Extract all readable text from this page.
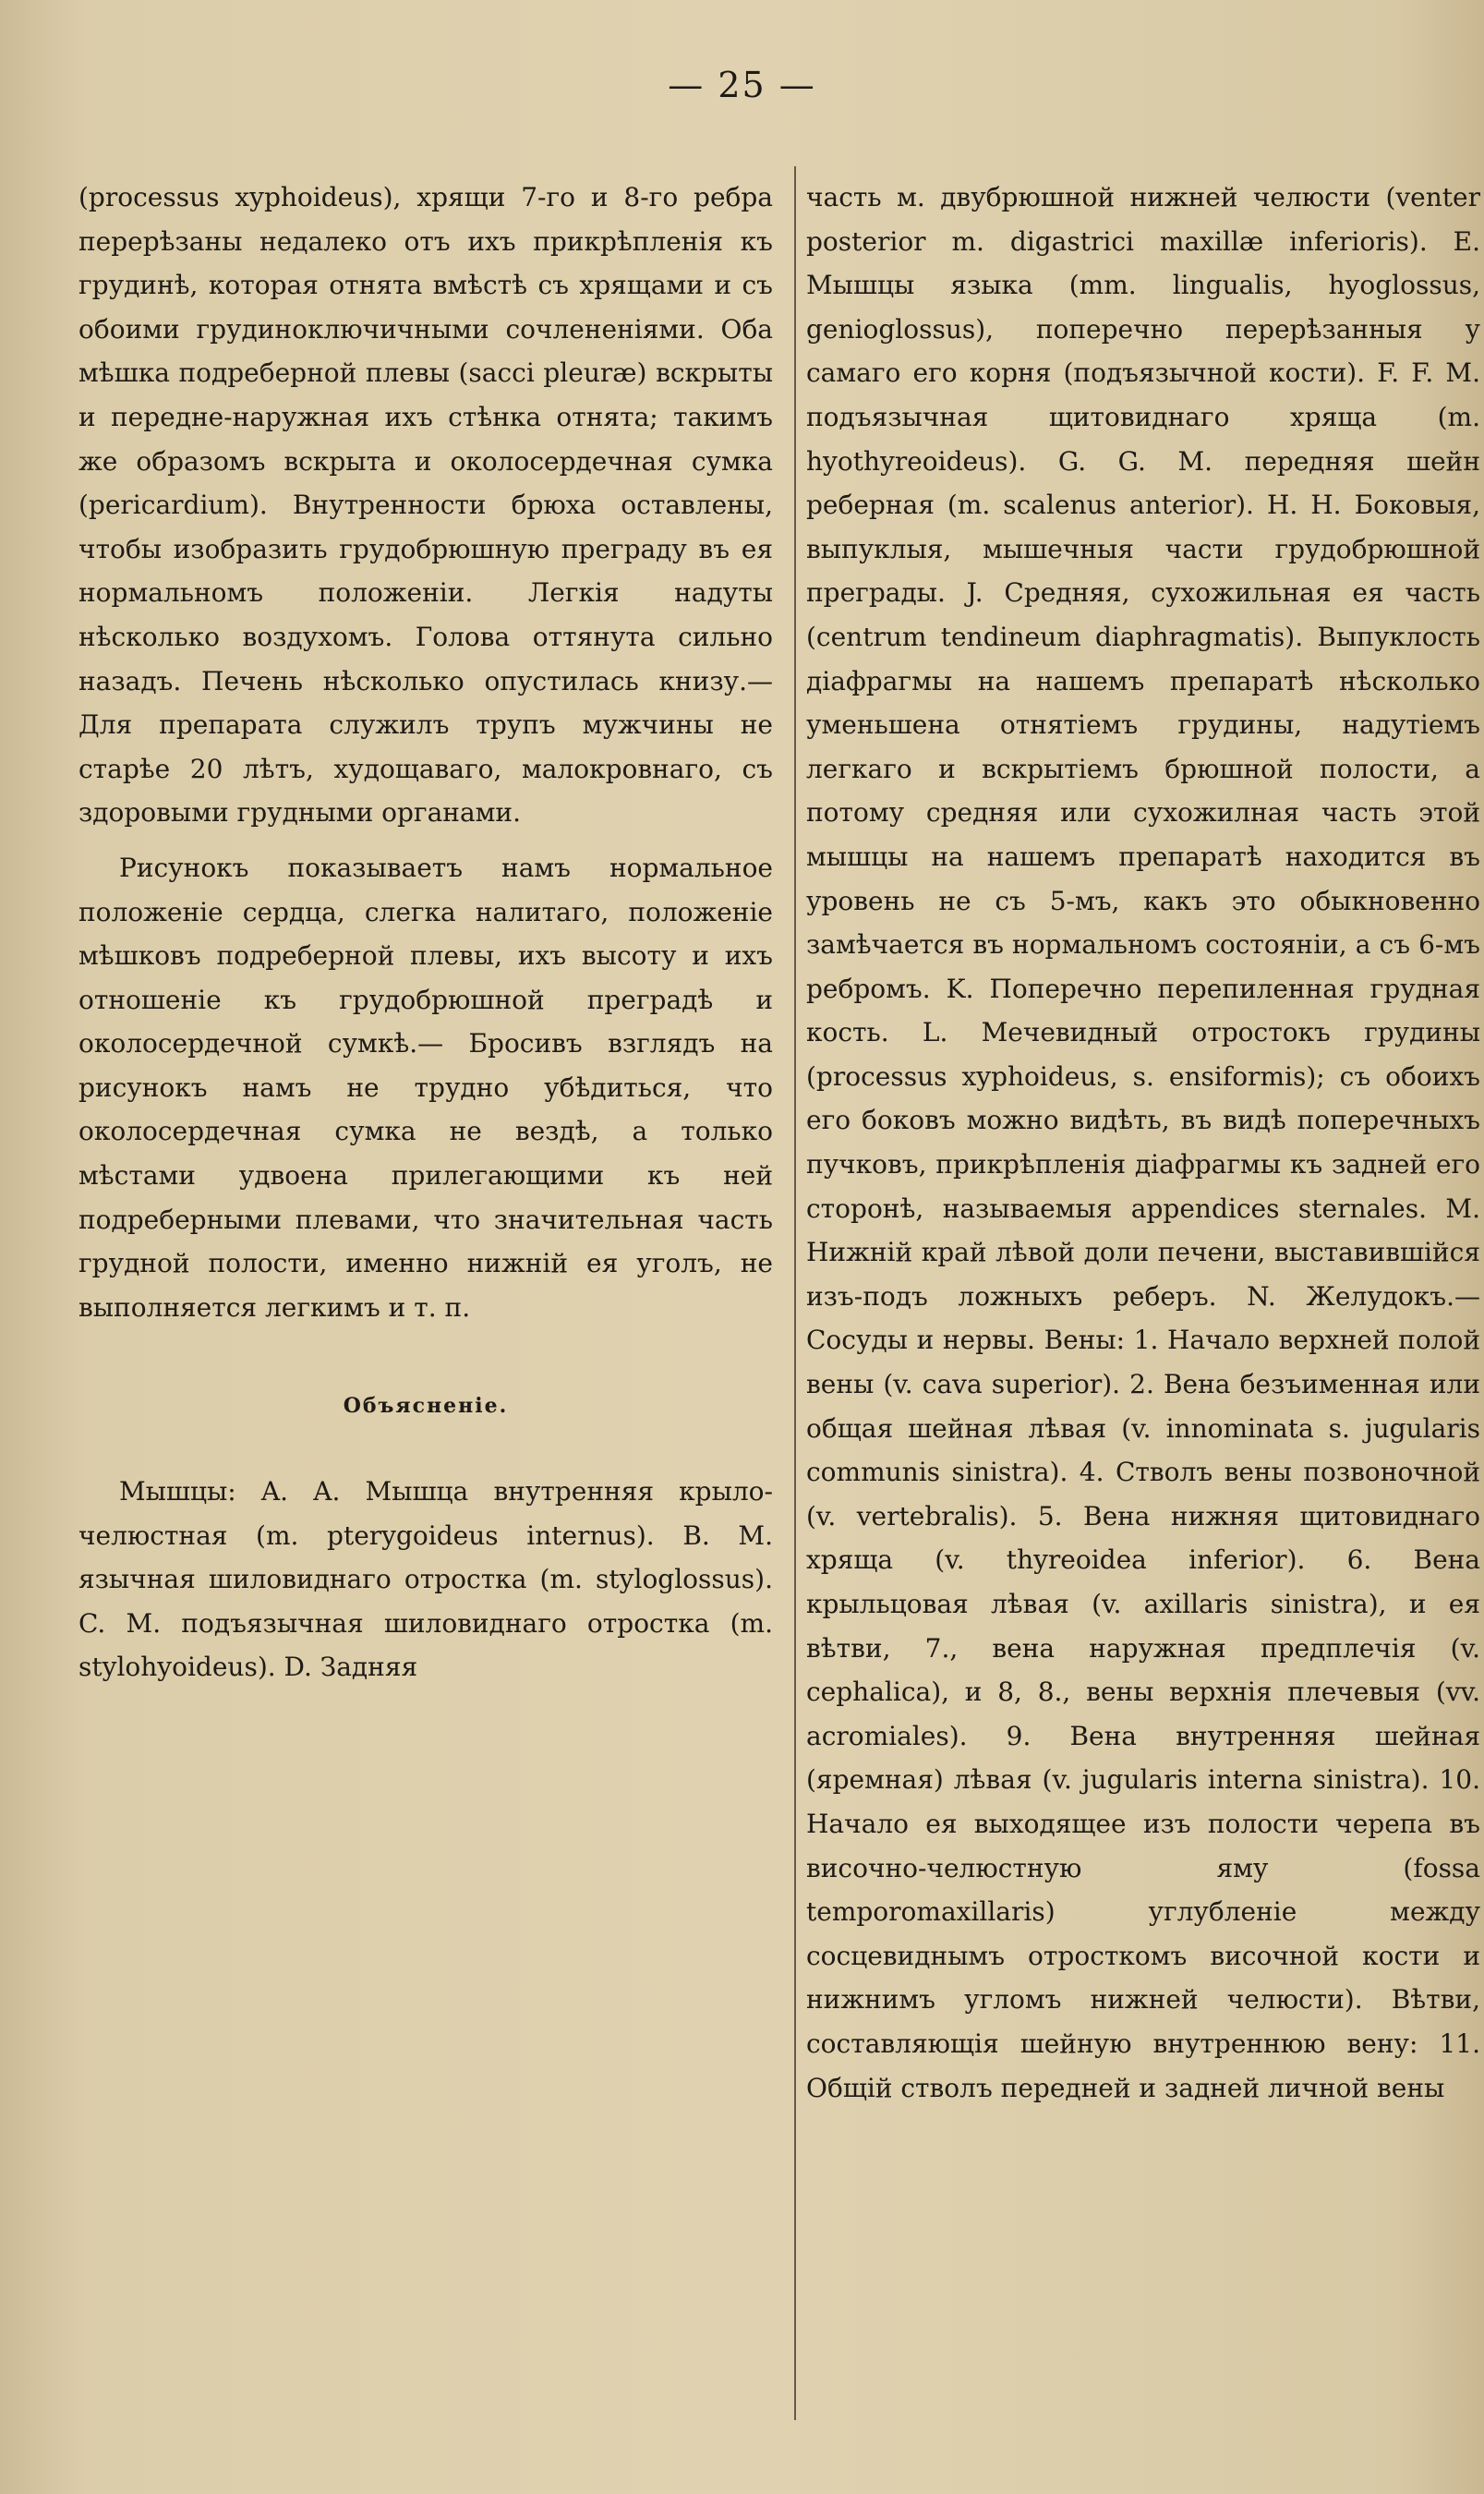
— 25 —

(processus xyphoideus), хрящи 7-го и 8-го ребра перерѣзаны недалеко отъ ихъ прикрѣпленія къ грудинѣ, которая отнята вмѣстѣ съ хрящами и съ обоими грудиноключичными сочлененіями. Оба мѣшка подреберной плевы (sacci pleuræ) вскрыты и передне-наружная ихъ стѣнка отнята; такимъ же образомъ вскрыта и околосердечная сумка (pericardium). Внутренности брюха оставлены, чтобы изобразить грудобрюшную преграду въ ея нормальномъ положеніи. Легкія надуты нѣсколько воздухомъ. Голова оттянута сильно назадъ. Печень нѣсколько опустилась книзу.— Для препарата служилъ трупъ мужчины не старѣе 20 лѣтъ, худощаваго, малокровнаго, съ здоровыми грудными органами.

Рисунокъ показываетъ намъ нормальное положеніе сердца, слегка налитаго, положеніе мѣшковъ подреберной плевы, ихъ высоту и ихъ отношеніе къ грудобрюшной преградѣ и околосердечной сумкѣ.— Бросивъ взглядъ на рисунокъ намъ не трудно убѣдиться, что околосердечная сумка не вездѣ, а только мѣстами удвоена прилегающими къ ней подреберными плевами, что значительная часть грудной полости, именно нижній ея уголъ, не выполняется легкимъ и т. п.

Объясненіе.

Мышцы: A. A. Мышца внутренняя крыло-челюстная (m. pterygoideus internus). B. M. язычная шиловиднаго отростка (m. styloglossus). C. M. подъязычная шиловиднаго отростка (m. stylohyoideus). D. Задняя

часть м. двубрюшной нижней челюсти (venter posterior m. digastrici maxillæ inferioris). E. Мышцы языка (mm. lingualis, hyoglossus, genioglossus), поперечно перерѣзанныя у самаго его корня (подъязычной кости). F. F. M. подъязычная щитовиднаго хряща (m. hyothyreoideus). G. G. M. передняя шейн реберная (m. scalenus anterior). H. H. Боковыя, выпуклыя, мышечныя части грудобрюшной преграды. J. Средняя, сухожильная ея часть (centrum tendineum diaphragmatis). Выпуклость діафрагмы на нашемъ препаратѣ нѣсколько уменьшена отнятіемъ грудины, надутіемъ легкаго и вскрытіемъ брюшной полости, а потому средняя или сухожилная часть этой мышцы на нашемъ препаратѣ находится въ уровень не съ 5-мъ, какъ это обыкновенно замѣчается въ нормальномъ состояніи, а съ 6-мъ ребромъ. K. Поперечно перепиленная грудная кость. L. Мечевидный отростокъ грудины (processus xyphoideus, s. ensiformis); съ обоихъ его боковъ можно видѣть, въ видѣ поперечныхъ пучковъ, прикрѣпленія діафрагмы къ задней его сторонѣ, называемыя appendices sternales. M. Нижній край лѣвой доли печени, выставившійся изъ-подъ ложныхъ реберъ. N. Желудокъ.— Сосуды и нервы. Вены: 1. Начало верхней полой вены (v. cava superior). 2. Вена безъименная или общая шейная лѣвая (v. innominata s. jugularis communis sinistra). 4. Стволъ вены позвоночной (v. vertebralis). 5. Вена нижняя щитовиднаго хряща (v. thyreoidea inferior). 6. Вена крыльцовая лѣвая (v. axillaris sinistra), и ея вѣтви, 7., вена наружная предплечія (v. cephalica), и 8, 8., вены верхнія плечевыя (vv. acromiales). 9. Вена внутренняя шейная (яремная) лѣвая (v. jugularis interna sinistra). 10. Начало ея выходящее изъ полости черепа въ височно-челюстную яму (fossa temporomaxillaris) углубленіе между сосцевиднымъ отросткомъ височной кости и нижнимъ угломъ нижней челюсти). Вѣтви, составляющія шейную внутреннюю вену: 11. Общій стволъ передней и задней личной вены
